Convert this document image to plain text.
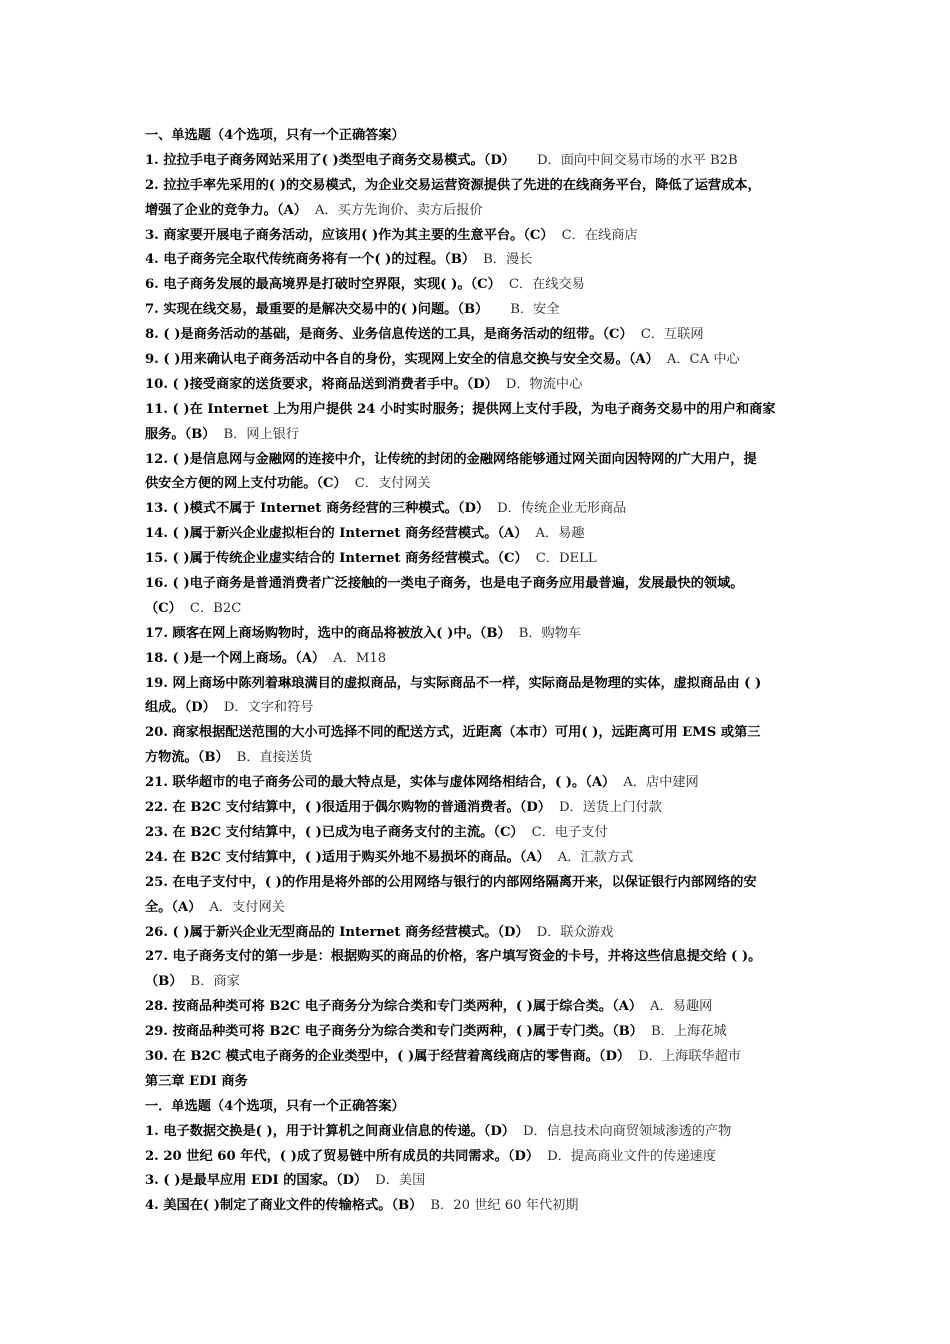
一、单选题（4个选项，只有一个正确答案）
1. 拉拉手电子商务网站采用了( )类型电子商务交易模式。（D） D．面向中间交易市场的水平 B2B
2. 拉拉手率先采用的( )的交易模式，为企业交易运营资源提供了先进的在线商务平台，降低了运营成本，
增强了企业的竞争力。（A） A．买方先询价、卖方后报价
3. 商家要开展电子商务活动，应该用( )作为其主要的生意平台。（C） C．在线商店
4. 电子商务完全取代传统商务将有一个( )的过程。（B） B．漫长
6. 电子商务发展的最高境界是打破时空界限，实现( )。（C） C．在线交易
7. 实现在线交易，最重要的是解决交易中的( )问题。（B） B．安全
8. ( )是商务活动的基础，是商务、业务信息传送的工具，是商务活动的纽带。（C） C．互联网
9. ( )用来确认电子商务活动中各自的身份，实现网上安全的信息交换与安全交易。（A） A．CA 中心
10. ( )接受商家的送货要求，将商品送到消费者手中。（D） D．物流中心
11. ( )在 Internet 上为用户提供 24 小时实时服务；提供网上支付手段，为电子商务交易中的用户和商家
服务。（B） B．网上银行
12. ( )是信息网与金融网的连接中介，让传统的封闭的金融网络能够通过网关面向因特网的广大用户，提
供安全方便的网上支付功能。（C） C．支付网关
13. ( )模式不属于 Internet 商务经营的三种模式。（D） D．传统企业无形商品
14. ( )属于新兴企业虚拟柜台的 Internet 商务经营模式。（A） A．易趣
15. ( )属于传统企业虚实结合的 Internet 商务经营模式。（C） C．DELL
16. ( )电子商务是普通消费者广泛接触的一类电子商务，也是电子商务应用最普遍，发展最快的领域。
（C） C．B2C
17. 顾客在网上商场购物时，选中的商品将被放入( )中。（B） B．购物车
18. ( )是一个网上商场。（A） A．M18
19. 网上商场中陈列着琳琅满目的虚拟商品，与实际商品不一样，实际商品是物理的实体，虚拟商品由 ( )
组成。（D） D．文字和符号
20. 商家根据配送范围的大小可选择不同的配送方式，近距离（本市）可用( )，远距离可用 EMS 或第三
方物流。（B） B．直接送货
21. 联华超市的电子商务公司的最大特点是，实体与虚体网络相结合，( )。（A） A．店中建网
22. 在 B2C 支付结算中，( )很适用于偶尔购物的普通消费者。（D） D．送货上门付款
23. 在 B2C 支付结算中，( )已成为电子商务支付的主流。（C） C．电子支付
24. 在 B2C 支付结算中，( )适用于购买外地不易损坏的商品。（A） A．汇款方式
25. 在电子支付中，( )的作用是将外部的公用网络与银行的内部网络隔离开来，以保证银行内部网络的安
全。（A） A．支付网关
26. ( )属于新兴企业无型商品的 Internet 商务经营模式。（D） D．联众游戏
27. 电子商务支付的第一步是：根据购买的商品的价格，客户填写资金的卡号，并将这些信息提交给 ( )。
（B） B．商家
28. 按商品种类可将 B2C 电子商务分为综合类和专门类两种，( )属于综合类。（A） A．易趣网
29. 按商品种类可将 B2C 电子商务分为综合类和专门类两种，( )属于专门类。（B） B．上海花城
30. 在 B2C 模式电子商务的企业类型中，( )属于经营着离线商店的零售商。（D） D．上海联华超市
第三章 EDI 商务
一．单选题（4个选项，只有一个正确答案）
1. 电子数据交换是( )，用于计算机之间商业信息的传递。（D） D．信息技术向商贸领域渗透的产物
2. 20 世纪 60 年代，( )成了贸易链中所有成员的共同需求。（D） D．提高商业文件的传递速度
3. ( )是最早应用 EDI 的国家。（D） D．美国
4. 美国在( )制定了商业文件的传输格式。（B） B．20 世纪 60 年代初期
